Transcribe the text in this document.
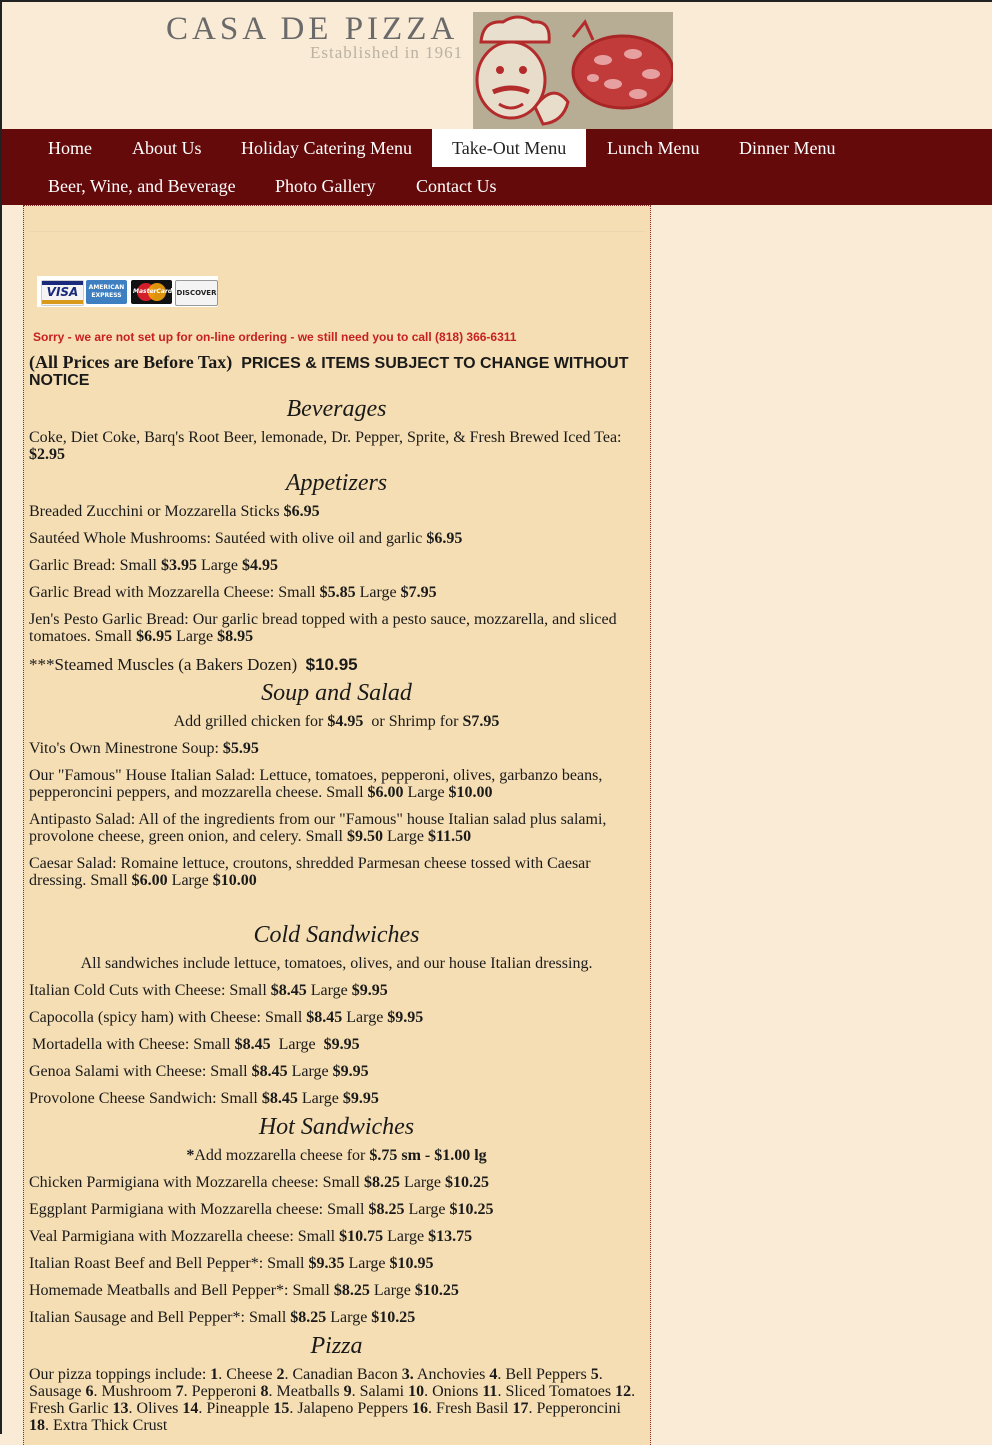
CASA DE PIZZA
Established in 1961
Home	About Us	Holiday Catering Menu	Take-Out Menu	Lunch Menu	Dinner Menu
Beer, Wine, and Beverage	Photo Gallery	Contact Us
VISA	AMERICAN EXPRESS
MasterCard DISCOVER
Sorry - we are not set up for on-line ordering - we still need you to call (818) 366-6311
(All Prices are Before Tax) PRICES & ITEMS SUBJECT TO CHANGE WITHOUT NOTICE
Beverages
Coke, Diet Coke, Barq's Root Beer, lemonade, Dr. Pepper, Sprite, & Fresh Brewed Iced Tea: $2.95
Appetizers
Breaded Zucchini or Mozzarella Sticks $6.95
Sautéed Whole Mushrooms: Sautéed with olive oil and garlic $6.95
Garlic Bread: Small $3.95 Large $4.95
Garlic Bread with Mozzarella Cheese: Small $5.85 Large $7.95
Jen's Pesto Garlic Bread: Our garlic bread topped with a pesto sauce, mozzarella, and sliced tomatoes. Small $6.95 Large $8.95
***Steamed Muscles (a Bakers Dozen) $10.95
Soup and Salad
Add grilled chicken for $4.95 or Shrimp for S7.95
Vito's Own Minestrone Soup: $5.95
Our "Famous" House Italian Salad: Lettuce, tomatoes, pepperoni, olives, garbanzo beans, pepperoncini peppers, and mozzarella cheese. Small $6.00 Large $10.00
Antipasto Salad: All of the ingredients from our "Famous" house Italian salad plus salami, provolone cheese, green onion, and celery. Small $9.50 Large $11.50
Caesar Salad: Romaine lettuce, croutons, shredded Parmesan cheese tossed with Caesar dressing. Small $6.00 Large $10.00
Cold Sandwiches
All sandwiches include lettuce, tomatoes, olives, and our house Italian dressing.
Italian Cold Cuts with Cheese: Small $8.45 Large $9.95
Capocolla (spicy ham) with Cheese: Small $8.45 Large $9.95
Mortadella with Cheese: Small $8.45 Large $9.95
Genoa Salami with Cheese: Small $8.45 Large $9.95
Provolone Cheese Sandwich: Small $8.45 Large $9.95
Hot Sandwiches
*Add mozzarella cheese for $.75 sm - $1.00 lg
Chicken Parmigiana with Mozzarella cheese: Small $8.25 Large $10.25
Eggplant Parmigiana with Mozzarella cheese: Small $8.25 Large $10.25
Veal Parmigiana with Mozzarella cheese: Small $10.75 Large $13.75
Italian Roast Beef and Bell Pepper*: Small $9.35 Large $10.95
Homemade Meatballs and Bell Pepper*: Small $8.25 Large $10.25
Italian Sausage and Bell Pepper*: Small $8.25 Large $10.25
Pizza
Our pizza toppings include: 1. Cheese 2. Canadian Bacon 3. Anchovies 4. Bell Peppers 5. Sausage 6. Mushroom 7. Pepperoni 8. Meatballs 9. Salami 10. Onions 11. Sliced Tomatoes 12. Fresh Garlic 13. Olives 14. Pineapple 15. Jalapeno Peppers 16. Fresh Basil 17. Pepperoncini 18. Extra Thick Crust
